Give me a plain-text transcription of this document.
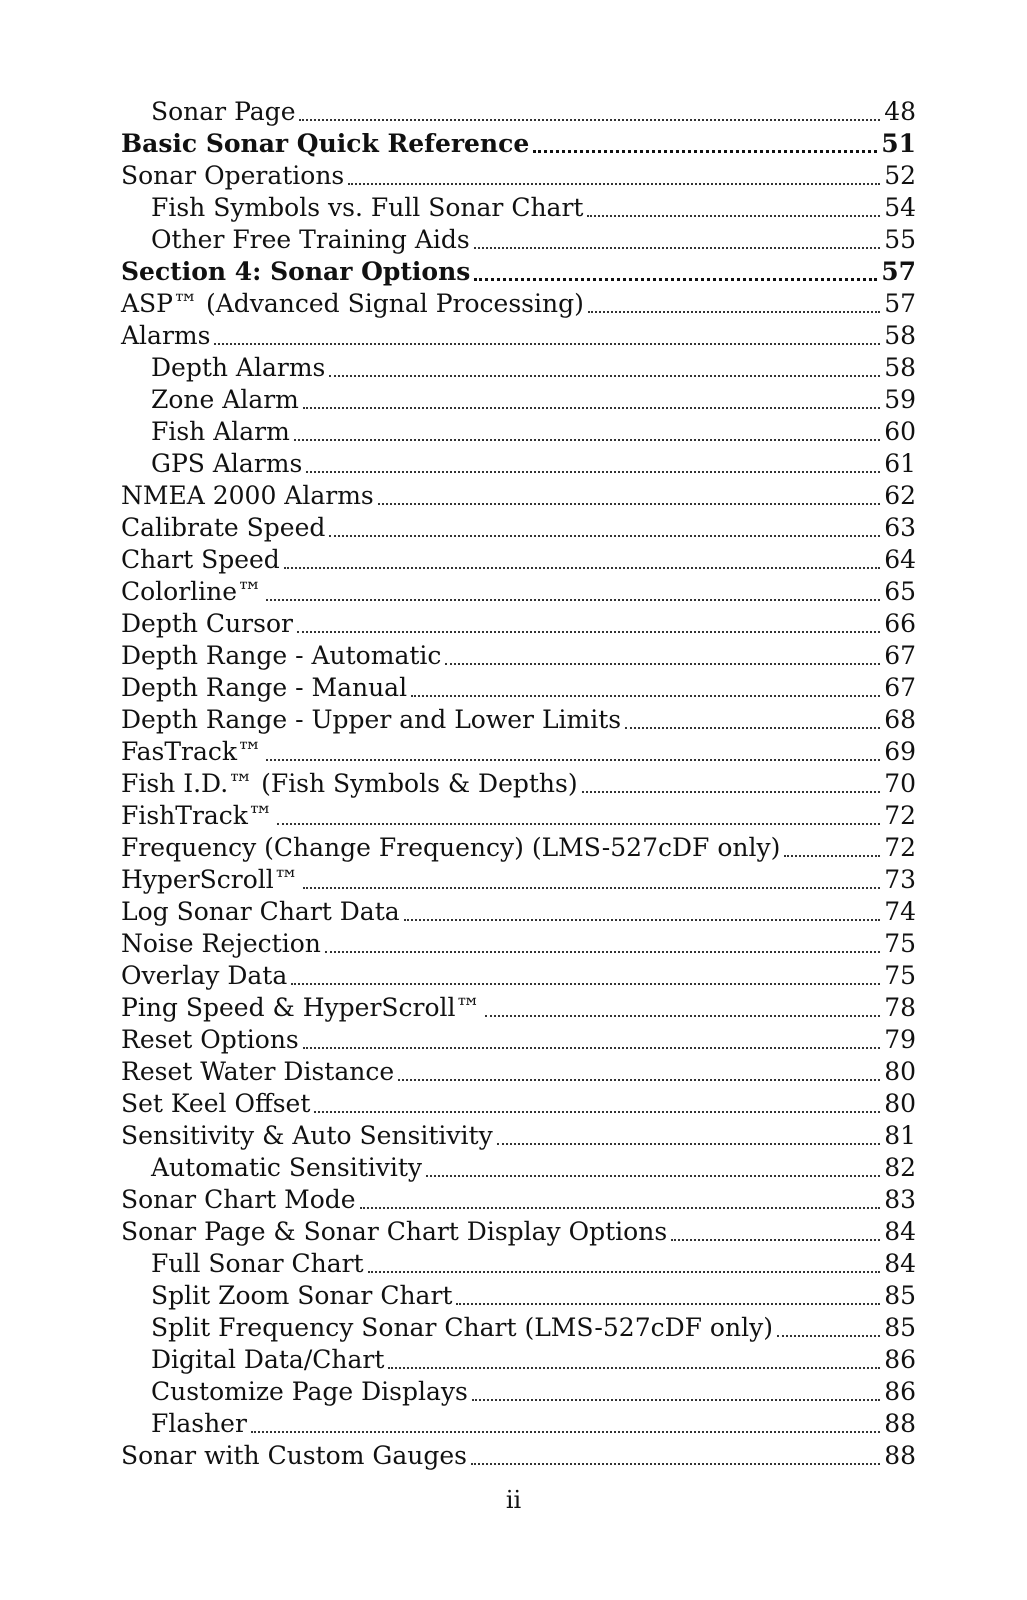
Sonar Page	48
Basic Sonar Quick Reference	51
Sonar Operations	52
Fish Symbols vs. Full Sonar Chart	54
Other Free Training Aids	55
Section 4: Sonar Options	57
ASP™ (Advanced Signal Processing)	57
Alarms	58
Depth Alarms	58
Zone Alarm	59
Fish Alarm	60
GPS Alarms	61
NMEA 2000 Alarms	62
Calibrate Speed	63
Chart Speed	64
Colorline™	65
Depth Cursor	66
Depth Range - Automatic	67
Depth Range - Manual	67
Depth Range - Upper and Lower Limits	68
FasTrack™	69
Fish I.D.™ (Fish Symbols & Depths)	70
FishTrack™	72
Frequency (Change Frequency) (LMS-527cDF only)	72
HyperScroll™	73
Log Sonar Chart Data	74
Noise Rejection	75
Overlay Data	75
Ping Speed & HyperScroll™	78
Reset Options	79
Reset Water Distance	80
Set Keel Offset	80
Sensitivity & Auto Sensitivity	81
Automatic Sensitivity	82
Sonar Chart Mode	83
Sonar Page & Sonar Chart Display Options	84
Full Sonar Chart	84
Split Zoom Sonar Chart	85
Split Frequency Sonar Chart (LMS-527cDF only)	85
Digital Data/Chart	86
Customize Page Displays	86
Flasher	88
Sonar with Custom Gauges	88
ii
